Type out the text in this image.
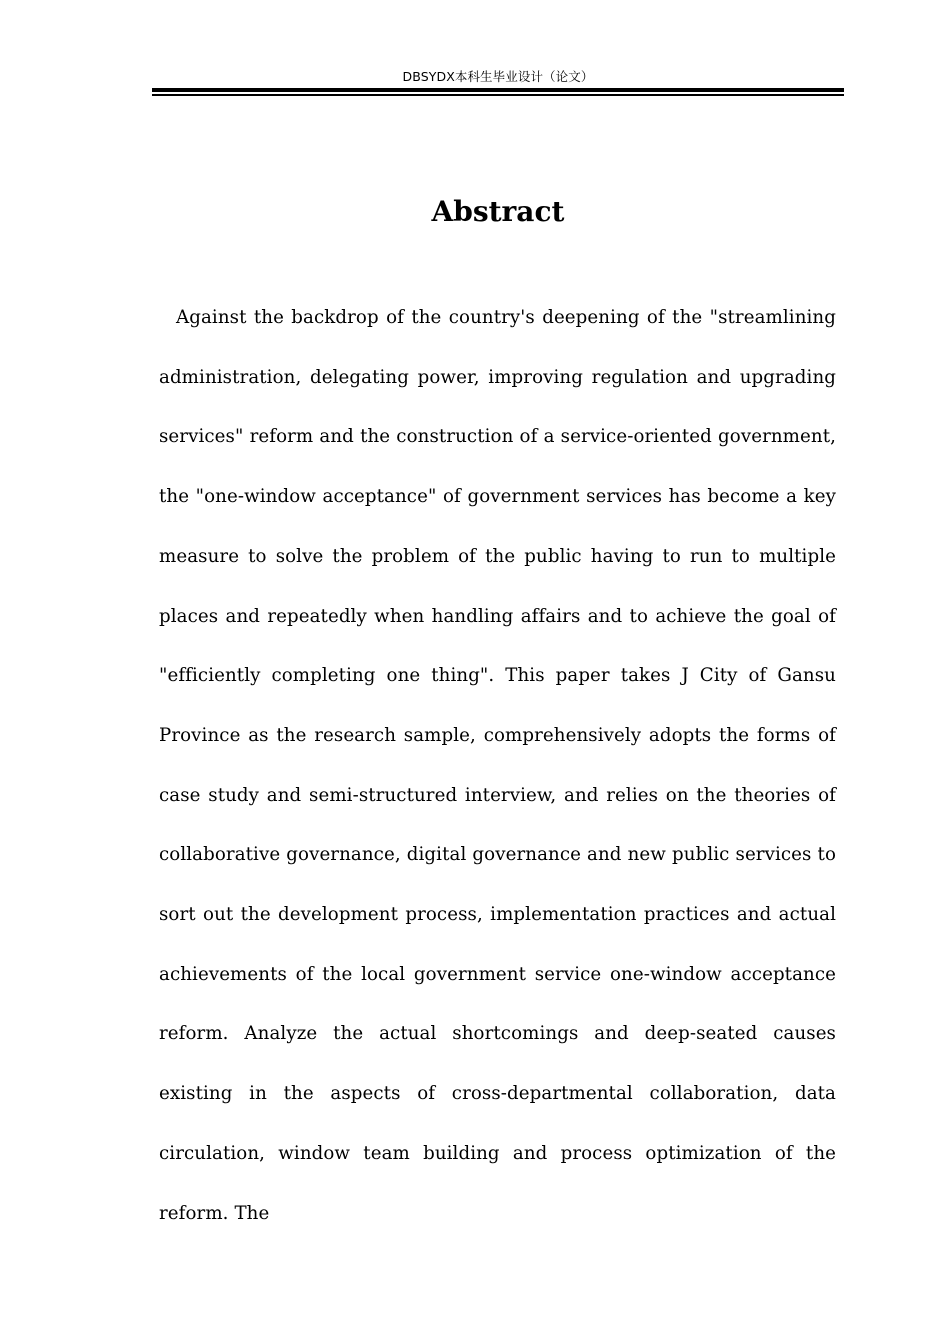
DBSYDX本科生毕业设计（论文）
Abstract

Against the backdrop of the country's deepening of the "streamlining administration, delegating power, improving regulation and upgrading services" reform and the construction of a service-oriented government, the "one-window acceptance" of government services has become a key measure to solve the problem of the public having to run to multiple places and repeatedly when handling affairs and to achieve the goal of "efficiently completing one thing". This paper takes J City of Gansu Province as the research sample, comprehensively adopts the forms of case study and semi-structured interview, and relies on the theories of collaborative governance, digital governance and new public services to sort out the development process, implementation practices and actual achievements of the local government service one-window acceptance reform. Analyze the actual shortcomings and deep-seated causes existing in the aspects of cross-departmental collaboration, data circulation, window team building and process optimization of the reform. The
